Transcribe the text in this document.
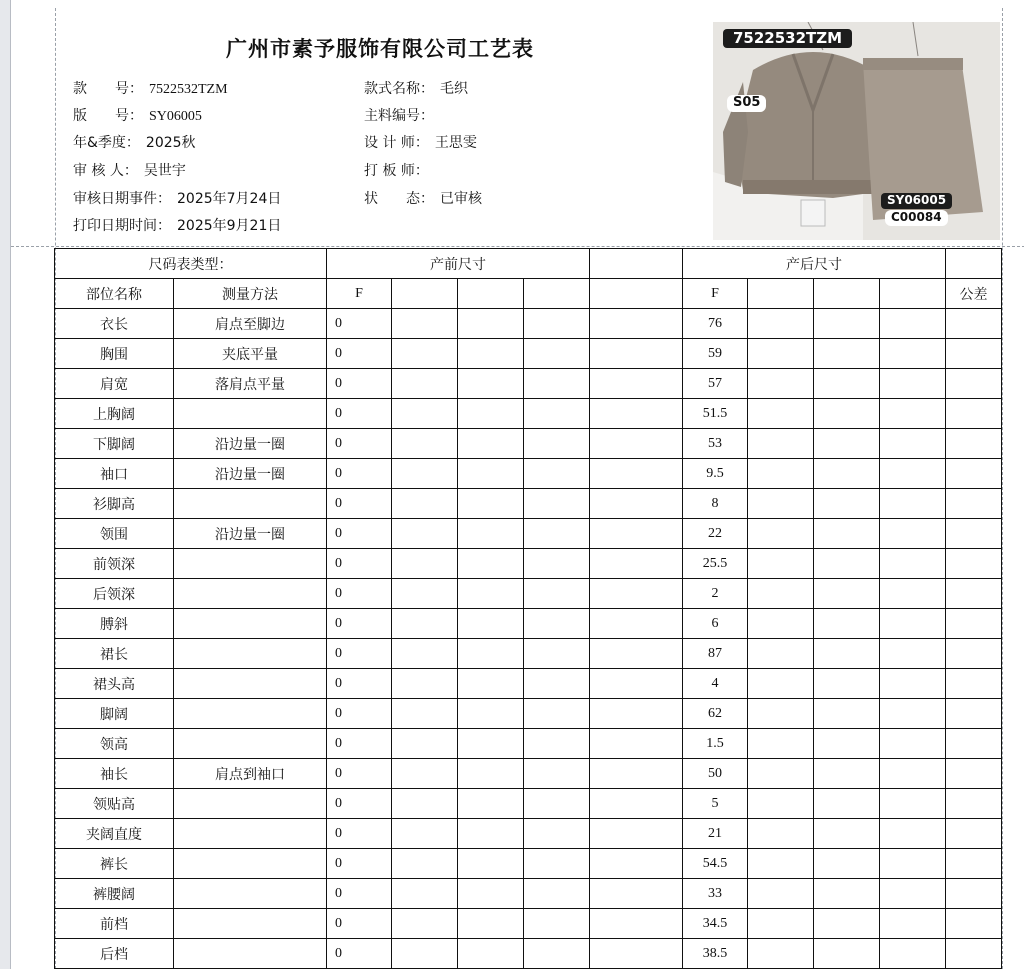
广州市素予服饰有限公司工艺表
款　　号： 7522532TZM
版　　号： SY06005
年&季度： 2025秋
审 核 人： 吴世宇
审核日期事件： 2025年7月24日
打印日期时间： 2025年9月21日
款式名称： 毛织
主料编号：
设 计 师： 王思雯
打 板 师：
状　　态： 已审核
7522532TZM
S05
SY06005
C00084
尺码表类型：		产前尺寸					产后尺寸				
部位名称	测量方法	F					F				公差
衣长	肩点至脚边	0					76				
胸围	夹底平量	0					59				
肩宽	落肩点平量	0					57				
上胸阔		0					51.5				
下脚阔	沿边量一圈	0					53				
袖口	沿边量一圈	0					9.5				
衫脚高		0					8				
领围	沿边量一圈	0					22				
前领深		0					25.5				
后领深		0					2				
膊斜		0					6				
裙长		0					87				
裙头高		0					4				
脚阔		0					62				
领高		0					1.5				
袖长	肩点到袖口	0					50				
领贴高		0					5				
夹阔直度		0					21				
裤长		0					54.5				
裤腰阔		0					33				
前档		0					34.5				
后档		0					38.5				
